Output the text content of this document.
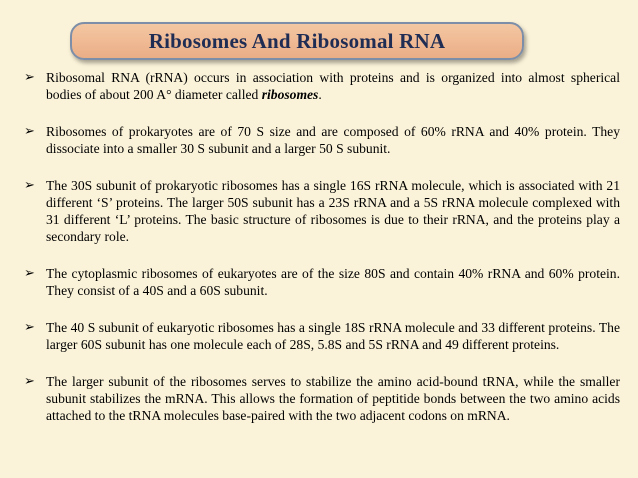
Ribosomes And Ribosomal RNA
➢ Ribosomal RNA (rRNA) occurs in association with proteins and is organized into almost spherical bodies of about 200 A° diameter called ribosomes.
➢ Ribosomes of prokaryotes are of 70 S size and are composed of 60% rRNA and 40% protein. They dissociate into a smaller 30 S subunit and a larger 50 S subunit.
➢ The 30S subunit of prokaryotic ribosomes has a single 16S rRNA molecule, which is associated with 21 different ‘S’ proteins. The larger 50S subunit has a 23S rRNA and a 5S rRNA molecule complexed with 31 different ‘L’ proteins. The basic structure of ribosomes is due to their rRNA, and the proteins play a secondary role.
➢ The cytoplasmic ribosomes of eukaryotes are of the size 80S and contain 40% rRNA and 60% protein. They consist of a 40S and a 60S subunit.
➢ The 40 S subunit of eukaryotic ribosomes has a single 18S rRNA molecule and 33 different proteins. The larger 60S subunit has one molecule each of 28S, 5.8S and 5S rRNA and 49 different proteins.
➢ The larger subunit of the ribosomes serves to stabilize the amino acid-bound tRNA, while the smaller subunit stabilizes the mRNA. This allows the formation of peptitide bonds between the two amino acids attached to the tRNA molecules base-paired with the two adjacent codons on mRNA.
